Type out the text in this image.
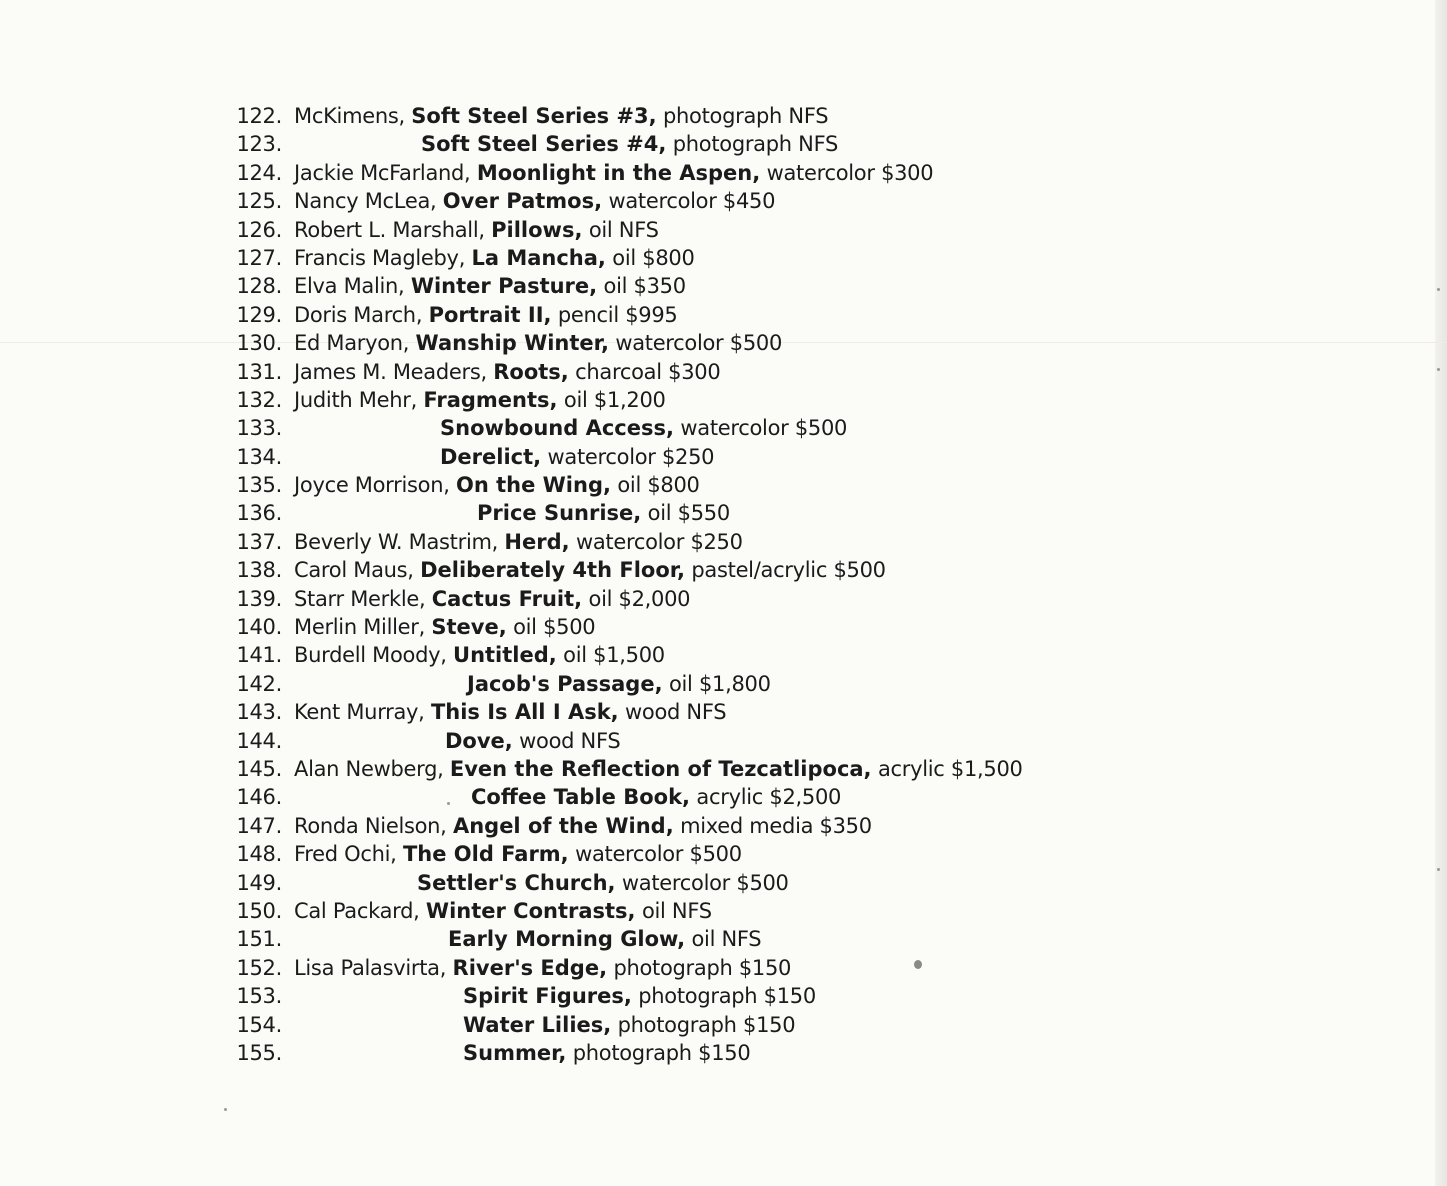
122. McKimens, Soft Steel Series #3, photograph NFS
123.	Soft Steel Series #4, photograph NFS
124. Jackie McFarland, Moonlight in the Aspen, watercolor $300
125. Nancy McLea, Over Patmos, watercolor $450
126. Robert L. Marshall, Pillows, oil NFS
127. Francis Magleby, La Mancha, oil $800
128. Elva Malin, Winter Pasture, oil $350
129. Doris March, Portrait II, pencil $995
130. Ed Maryon, Wanship Winter, watercolor $500
131. James M. Meaders, Roots, charcoal $300
132. Judith Mehr, Fragments, oil $1,200
133.	Snowbound Access, watercolor $500
134.	Derelict, watercolor $250
135. Joyce Morrison, On the Wing, oil $800
136.	Price Sunrise, oil $550
137. Beverly W. Mastrim, Herd, watercolor $250
138. Carol Maus, Deliberately 4th Floor, pastel/acrylic $500
139. Starr Merkle, Cactus Fruit, oil $2,000
140. Merlin Miller, Steve, oil $500
141. Burdell Moody, Untitled, oil $1,500
142.	Jacob's Passage, oil $1,800
143. Kent Murray, This Is All I Ask, wood NFS
144.	Dove, wood NFS
145. Alan Newberg, Even the Reflection of Tezcatlipoca, acrylic $1,500
146.	Coffee Table Book, acrylic $2,500
147. Ronda Nielson, Angel of the Wind, mixed media $350
148. Fred Ochi, The Old Farm, watercolor $500
149.	Settler's Church, watercolor $500
150. Cal Packard, Winter Contrasts, oil NFS
151.	Early Morning Glow, oil NFS
152. Lisa Palasvirta, River's Edge, photograph $150
153.	Spirit Figures, photograph $150
154.	Water Lilies, photograph $150
155.	Summer, photograph $150
